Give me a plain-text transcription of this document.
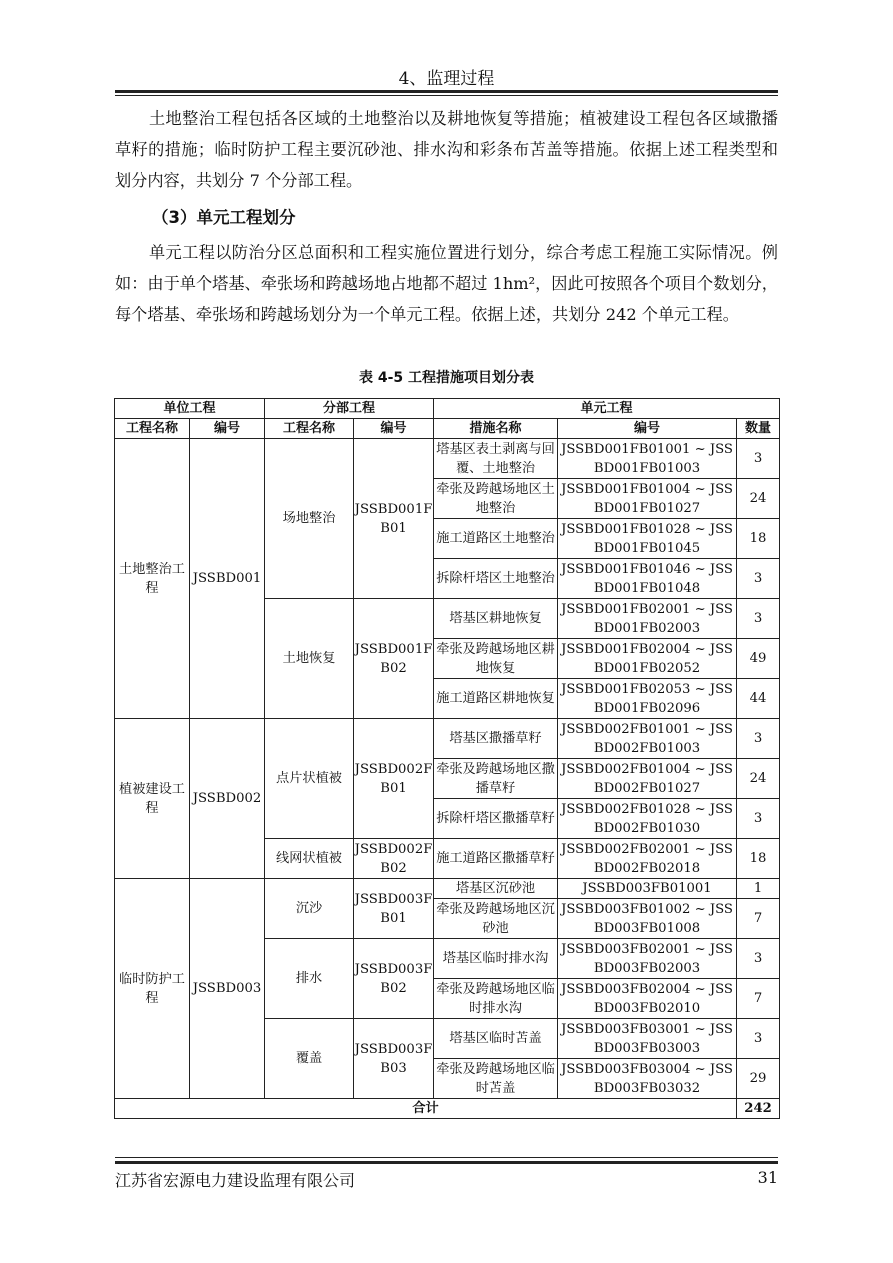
4、监理过程
土地整治工程包括各区域的土地整治以及耕地恢复等措施；植被建设工程包各区域撒播草籽的措施；临时防护工程主要沉砂池、排水沟和彩条布苫盖等措施。依据上述工程类型和划分内容，共划分 7 个分部工程。
（3）单元工程划分
单元工程以防治分区总面积和工程实施位置进行划分，综合考虑工程施工实际情况。例如：由于单个塔基、牵张场和跨越场地占地都不超过 1hm²，因此可按照各个项目个数划分，每个塔基、牵张场和跨越场划分为一个单元工程。依据上述，共划分 242 个单元工程。
表 4-5 工程措施项目划分表
单位工程		分部工程		单元工程		
工程名称	编号	工程名称	编号	措施名称	编号	数量
土地整治工程	JSSBD001	场地整治	JSSBD001FB01	塔基区表土剥离与回覆、土地整治	JSSBD001FB01001 ~ JSSBD001FB01003	3
				牵张及跨越场地区土地整治	JSSBD001FB01004 ~ JSSBD001FB01027	24
				施工道路区土地整治	JSSBD001FB01028 ~ JSSBD001FB01045	18
				拆除杆塔区土地整治	JSSBD001FB01046 ~ JSSBD001FB01048	3
		土地恢复	JSSBD001FB02	塔基区耕地恢复	JSSBD001FB02001 ~ JSSBD001FB02003	3
				牵张及跨越场地区耕地恢复	JSSBD001FB02004 ~ JSSBD001FB02052	49
				施工道路区耕地恢复	JSSBD001FB02053 ~ JSSBD001FB02096	44
植被建设工程	JSSBD002	点片状植被	JSSBD002FB01	塔基区撒播草籽	JSSBD002FB01001 ~ JSSBD002FB01003	3
				牵张及跨越场地区撒播草籽	JSSBD002FB01004 ~ JSSBD002FB01027	24
				拆除杆塔区撒播草籽	JSSBD002FB01028 ~ JSSBD002FB01030	3
		线网状植被	JSSBD002FB02	施工道路区撒播草籽	JSSBD002FB02001 ~ JSSBD002FB02018	18
临时防护工程	JSSBD003	沉沙	JSSBD003FB01	塔基区沉砂池	JSSBD003FB01001	1
				牵张及跨越场地区沉砂池	JSSBD003FB01002 ~ JSSBD003FB01008	7
		排水	JSSBD003FB02	塔基区临时排水沟	JSSBD003FB02001 ~ JSSBD003FB02003	3
				牵张及跨越场地区临时排水沟	JSSBD003FB02004 ~ JSSBD003FB02010	7
		覆盖	JSSBD003FB03	塔基区临时苫盖	JSSBD003FB03001 ~ JSSBD003FB03003	3
				牵张及跨越场地区临时苫盖	JSSBD003FB03004 ~ JSSBD003FB03032	29
合计						242
江苏省宏源电力建设监理有限公司	31
